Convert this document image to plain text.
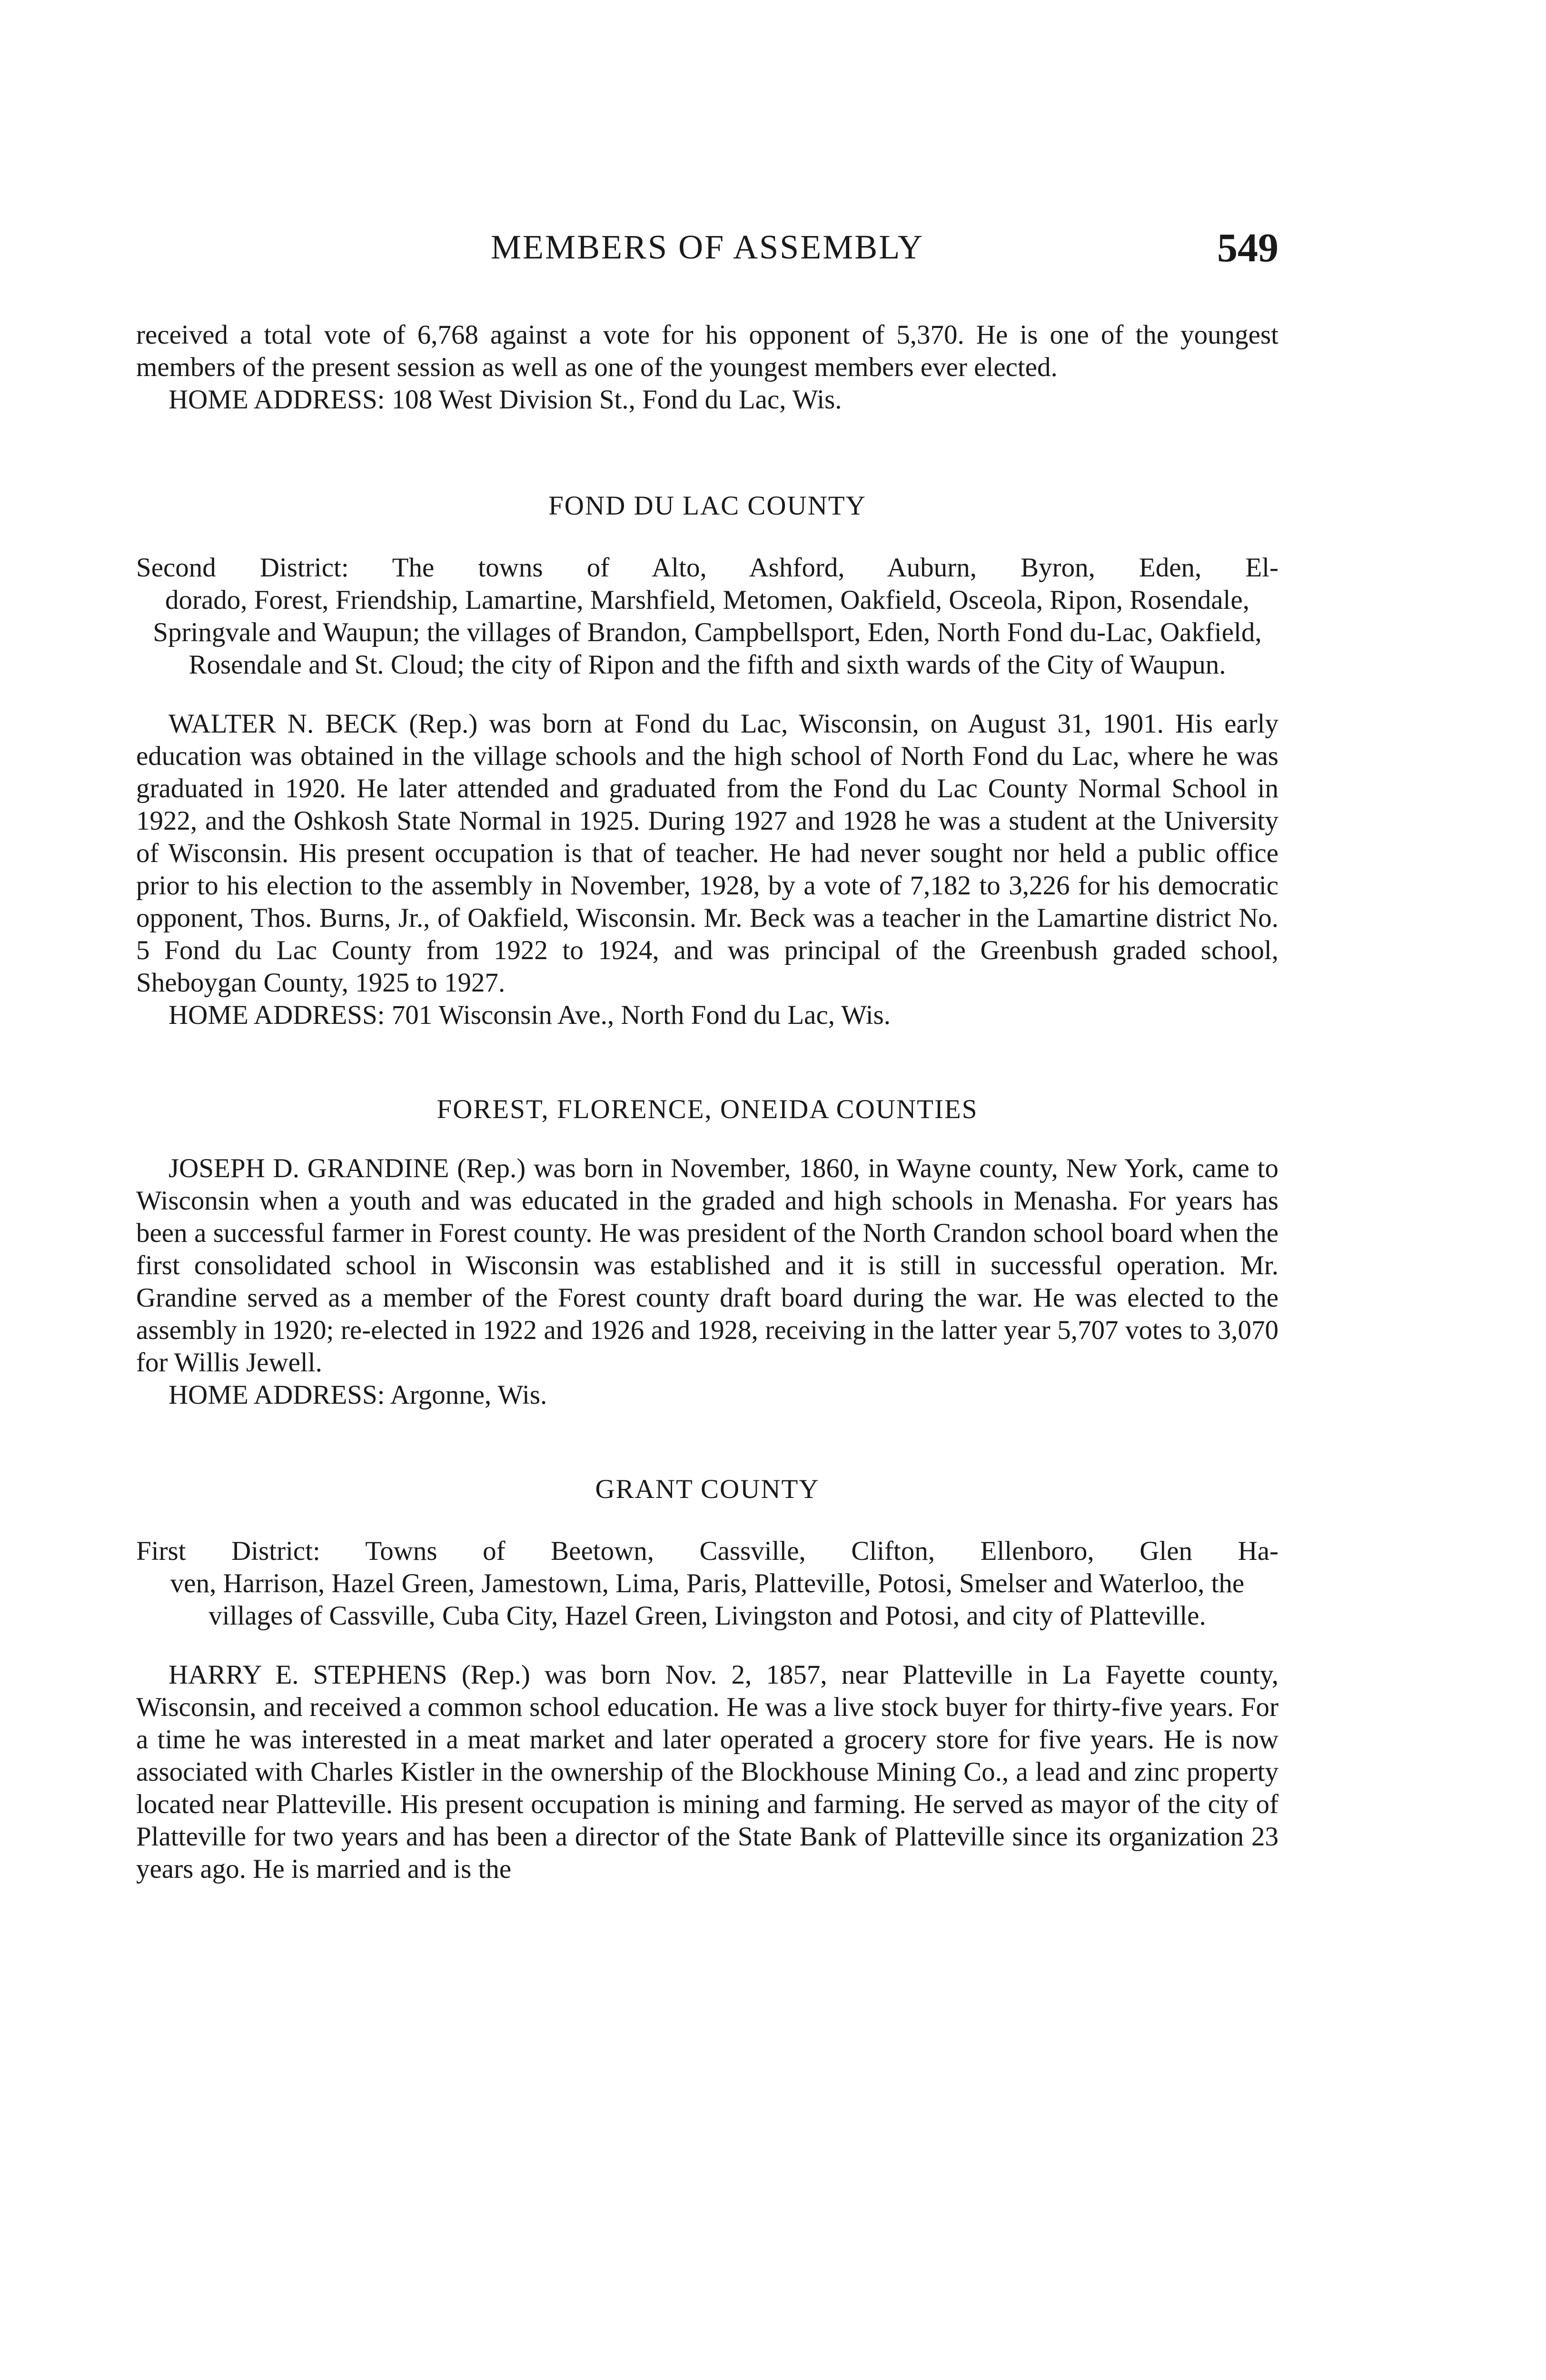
MEMBERS OF ASSEMBLY	549

received a total vote of 6,768 against a vote for his opponent of 5,370. He is one of the youngest members of the present session as well as one of the youngest members ever elected.

HOME ADDRESS: 108 West Division St., Fond du Lac, Wis.

FOND DU LAC COUNTY

Second District: The towns of Alto, Ashford, Auburn, Byron, Eden, El-
dorado, Forest, Friendship, Lamartine, Marshfield, Metomen, Oakfield, Osceola, Ripon, Rosendale, Springvale and Waupun; the villages of Brandon, Campbellsport, Eden, North Fond du-Lac, Oakfield, Rosendale and St. Cloud; the city of Ripon and the fifth and sixth wards of the City of Waupun.

WALTER N. BECK (Rep.) was born at Fond du Lac, Wisconsin, on August 31, 1901. His early education was obtained in the village schools and the high school of North Fond du Lac, where he was graduated in 1920. He later attended and graduated from the Fond du Lac County Normal School in 1922, and the Oshkosh State Normal in 1925. During 1927 and 1928 he was a student at the University of Wisconsin. His present occupation is that of teacher. He had never sought nor held a public office prior to his election to the assembly in November, 1928, by a vote of 7,182 to 3,226 for his democratic opponent, Thos. Burns, Jr., of Oakfield, Wisconsin. Mr. Beck was a teacher in the Lamartine district No. 5 Fond du Lac County from 1922 to 1924, and was principal of the Greenbush graded school, Sheboygan County, 1925 to 1927.

HOME ADDRESS: 701 Wisconsin Ave., North Fond du Lac, Wis.

FOREST, FLORENCE, ONEIDA COUNTIES

JOSEPH D. GRANDINE (Rep.) was born in November, 1860, in Wayne county, New York, came to Wisconsin when a youth and was educated in the graded and high schools in Menasha. For years has been a successful farmer in Forest county. He was president of the North Crandon school board when the first consolidated school in Wisconsin was established and it is still in successful operation. Mr. Grandine served as a member of the Forest county draft board during the war. He was elected to the assembly in 1920; re-elected in 1922 and 1926 and 1928, receiving in the latter year 5,707 votes to 3,070 for Willis Jewell.

HOME ADDRESS: Argonne, Wis.

GRANT COUNTY

First District: Towns of Beetown, Cassville, Clifton, Ellenboro, Glen Ha-
ven, Harrison, Hazel Green, Jamestown, Lima, Paris, Platteville, Potosi, Smelser and Waterloo, the villages of Cassville, Cuba City, Hazel Green, Livingston and Potosi, and city of Platteville.

HARRY E. STEPHENS (Rep.) was born Nov. 2, 1857, near Platteville in La Fayette county, Wisconsin, and received a common school education. He was a live stock buyer for thirty-five years. For a time he was interested in a meat market and later operated a grocery store for five years. He is now associated with Charles Kistler in the ownership of the Blockhouse Mining Co., a lead and zinc property located near Platteville. His present occupation is mining and farming. He served as mayor of the city of Platteville for two years and has been a director of the State Bank of Platteville since its organization 23 years ago. He is married and is the
